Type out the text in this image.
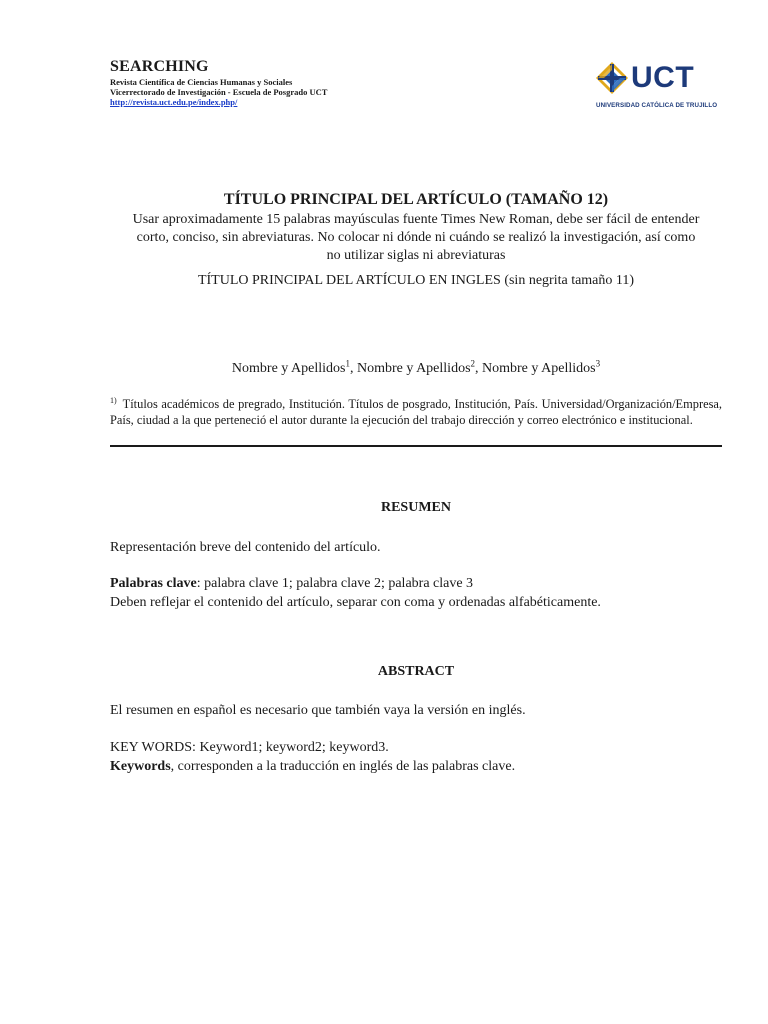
SEARCHING
Revista Científica de Ciencias Humanas y Sociales
Vicerrectorado de Investigación - Escuela de Posgrado UCT
http://revista.uct.edu.pe/index.php/
UCT
UNIVERSIDAD CATÓLICA DE TRUJILLO
TÍTULO PRINCIPAL DEL ARTÍCULO (TAMAÑO 12)
Usar aproximadamente 15 palabras mayúsculas fuente Times New Roman, debe ser fácil de entender corto, conciso, sin abreviaturas. No colocar ni dónde ni cuándo se realizó la investigación, así como no utilizar siglas ni abreviaturas
TÍTULO PRINCIPAL DEL ARTÍCULO EN INGLES (sin negrita tamaño 11)
Nombre y Apellidos$^1$, Nombre y Apellidos$^2$, Nombre y Apellidos$^3$
$^{1)}$ Títulos académicos de pregrado, Institución. Títulos de posgrado, Institución, País. Universidad/Organización/Empresa, País, ciudad a la que perteneció el autor durante la ejecución del trabajo dirección y correo electrónico e institucional.
RESUMEN
Representación breve del contenido del artículo.
Palabras clave: palabra clave 1; palabra clave 2; palabra clave 3
Deben reflejar el contenido del artículo, separar con coma y ordenadas alfabéticamente.
ABSTRACT
El resumen en español es necesario que también vaya la versión en inglés.
KEY WORDS: Keyword1; keyword2; keyword3.
Keywords, corresponden a la traducción en inglés de las palabras clave.
